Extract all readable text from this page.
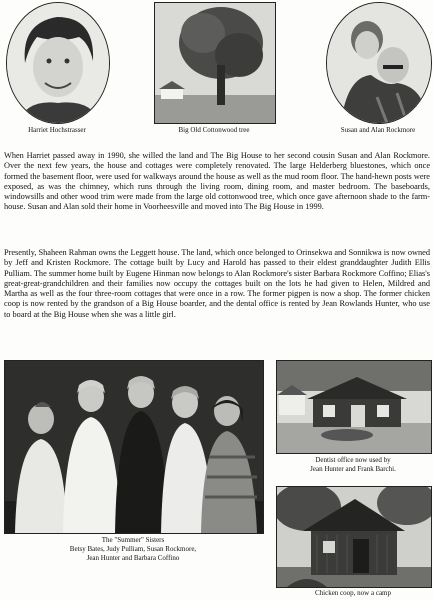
Harriet Hochstrasser	Big Old Cottonwood tree	Susan and Alan Rockmore

When Harriet passed away in 1990, she willed the land and The Big House to her second cousin Susan and Alan Rockmore. Over the next few years, the house and cottages were completely renovated. The large Helderberg bluestones, which once formed the basement floor, were used for walkways around the house as well as the mud room floor. The hand-hewn posts were exposed, as was the chimney, which runs through the living room, dining room, and master bedroom. The baseboards, windowsills and other wood trim were made from the large old cottonwood tree, which once gave afternoon shade to the farm-house. Susan and Alan sold their home in Voorheesville and moved into The Big House in 1999.

Presently, Shaheen Rahman owns the Leggett house. The land, which once belonged to Orinsekwa and Sonnikwa is now owned by Jeff and Kristen Rockmore. The cottage built by Lucy and Harold has passed to their eldest granddaughter Judith Ellis Pulliam. The summer home built by Eugene Hinman now belongs to Alan Rockmore's sister Barbara Rockmore Coffino; Elias's great-great-grandchildren and their families now occupy the cottages built on the lots he had given to Helen, Mildred and Martha as well as the four three-room cottages that were once in a row. The former pigpen is now a shop. The former chicken coop is now rented by the grandson of a Big House boarder, and the dental office is rented by Jean Rowlands Hunter, who use to board at the Big House when she was a little girl.

The "Summer" Sisters
Betsy Bates, Judy Pulliam, Susan Rockmore,
Jean Hunter and Barbara Coffino
Dentist office now used by
Jean Hunter and Frank Barchi.
Chicken coop, now a camp
